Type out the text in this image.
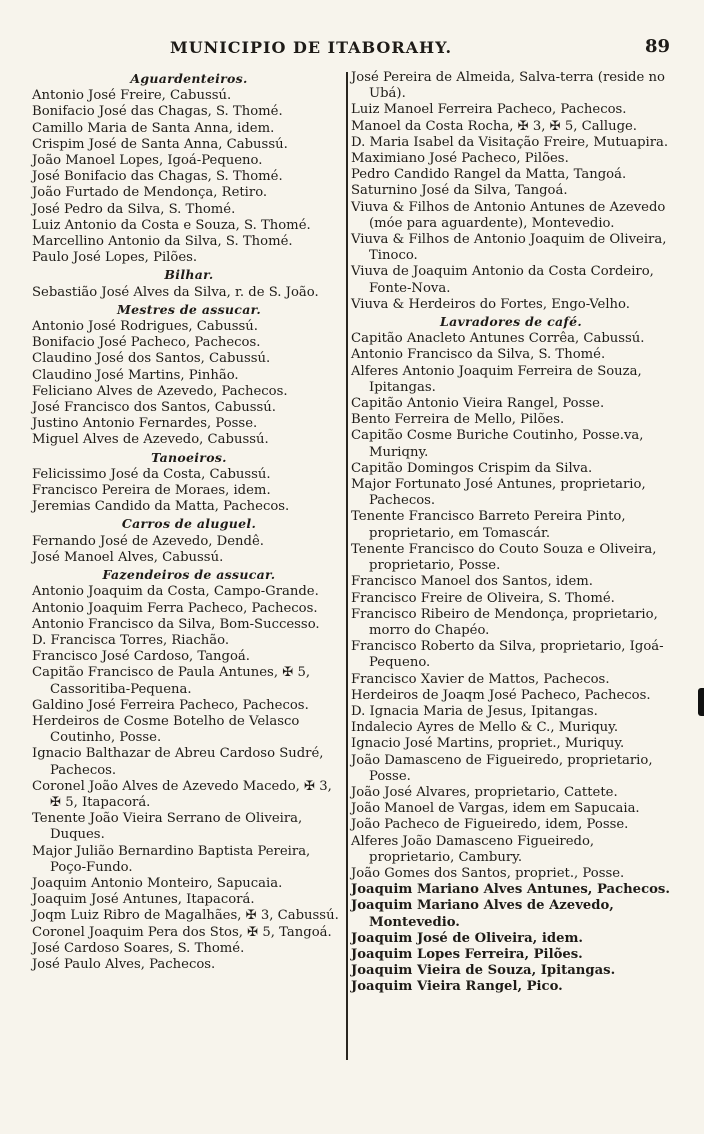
MUNICIPIO DE ITABORAHY.	89
Aguardenteiros.
Antonio José Freire, Cabussú.
Bonifacio José das Chagas, S. Thomé.
Camillo Maria de Santa Anna, idem.
Crispim José de Santa Anna, Cabussú.
João Manoel Lopes, Igoá-Pequeno.
José Bonifacio das Chagas, S. Thomé.
João Furtado de Mendonça, Retiro.
José Pedro da Silva, S. Thomé.
Luiz Antonio da Costa e Souza, S. Thomé.
Marcellino Antonio da Silva, S. Thomé.
Paulo José Lopes, Pilões.
Bilhar.
Sebastião José Alves da Silva, r. de S. João.
Mestres de assucar.
Antonio José Rodrigues, Cabussú.
Bonifacio José Pacheco, Pachecos.
Claudino José dos Santos, Cabussú.
Claudino José Martins, Pinhão.
Feliciano Alves de Azevedo, Pachecos.
José Francisco dos Santos, Cabussú.
Justino Antonio Fernardes, Posse.
Miguel Alves de Azevedo, Cabussú.
Tanoeiros.
Felicissimo José da Costa, Cabussú.
Francisco Pereira de Moraes, idem.
Jeremias Candido da Matta, Pachecos.
Carros de aluguel.
Fernando José de Azevedo, Dendê.
José Manoel Alves, Cabussú.
Fazendeiros de assucar.
Antonio Joaquim da Costa, Campo-Grande.
Antonio Joaquim Ferra Pacheco, Pachecos.
Antonio Francisco da Silva, Bom-Successo.
D. Francisca Torres, Riachão.
Francisco José Cardoso, Tangoá.
Capitão Francisco de Paula Antunes, ✠ 5, Cassoritiba-Pequena.
Galdino José Ferreira Pacheco, Pachecos.
Herdeiros de Cosme Botelho de Velasco Coutinho, Posse.
Ignacio Balthazar de Abreu Cardoso Sudré, Pachecos.
Coronel João Alves de Azevedo Macedo, ✠ 3, ✠ 5, Itapacorá.
Tenente João Vieira Serrano de Oliveira, Duques.
Major Julião Bernardino Baptista Pereira, Poço-Fundo.
Joaquim Antonio Monteiro, Sapucaia.
Joaquim José Antunes, Itapacorá.
Joqm Luiz Ribro de Magalhães, ✠ 3, Cabussú.
Coronel Joaquim Pera dos Stos, ✠ 5, Tangoá.
José Cardoso Soares, S. Thomé.
José Paulo Alves, Pachecos.
José Pereira de Almeida, Salva-terra (reside no Ubá).
Luiz Manoel Ferreira Pacheco, Pachecos.
Manoel da Costa Rocha, ✠ 3, ✠ 5, Calluge.
D. Maria Isabel da Visitação Freire, Mutuapira.
Maximiano José Pacheco, Pilões.
Pedro Candido Rangel da Matta, Tangoá.
Saturnino José da Silva, Tangoá.
Viuva & Filhos de Antonio Antunes de Azevedo (móe para aguardente), Montevedio.
Viuva & Filhos de Antonio Joaquim de Oliveira, Tinoco.
Viuva de Joaquim Antonio da Costa Cordeiro, Fonte-Nova.
Viuva & Herdeiros do Fortes, Engo-Velho.
Lavradores de café.
Capitão Anacleto Antunes Corrêa, Cabussú.
Antonio Francisco da Silva, S. Thomé.
Alferes Antonio Joaquim Ferreira de Souza, Ipitangas.
Capitão Antonio Vieira Rangel, Posse.
Bento Ferreira de Mello, Pilões.
Capitão Cosme Buriche Coutinho, Posse.va, Muriqny.
Capitão Domingos Crispim da Silva.
Major Fortunato José Antunes, proprietario, Pachecos.
Tenente Francisco Barreto Pereira Pinto, proprietario, em Tomascár.
Tenente Francisco do Couto Souza e Oliveira, proprietario, Posse.
Francisco Manoel dos Santos, idem.
Francisco Freire de Oliveira, S. Thomé.
Francisco Ribeiro de Mendonça, proprietario, morro do Chapéo.
Francisco Roberto da Silva, proprietario, Igoá-Pequeno.
Francisco Xavier de Mattos, Pachecos.
Herdeiros de Joaqm José Pacheco, Pachecos.
D. Ignacia Maria de Jesus, Ipitangas.
Indalecio Ayres de Mello & C., Muriquy.
Ignacio José Martins, propriet., Muriquy.
João Damasceno de Figueiredo, proprietario, Posse.
João José Alvares, proprietario, Cattete.
João Manoel de Vargas, idem em Sapucaia.
João Pacheco de Figueiredo, idem, Posse.
Alferes João Damasceno Figueiredo, proprietario, Cambury.
João Gomes dos Santos, propriet., Posse.
Joaquim Mariano Alves Antunes, Pachecos.
Joaquim Mariano Alves de Azevedo, Montevedio.
Joaquim José de Oliveira, idem.
Joaquim Lopes Ferreira, Pilões.
Joaquim Vieira de Souza, Ipitangas.
Joaquim Vieira Rangel, Pico.
